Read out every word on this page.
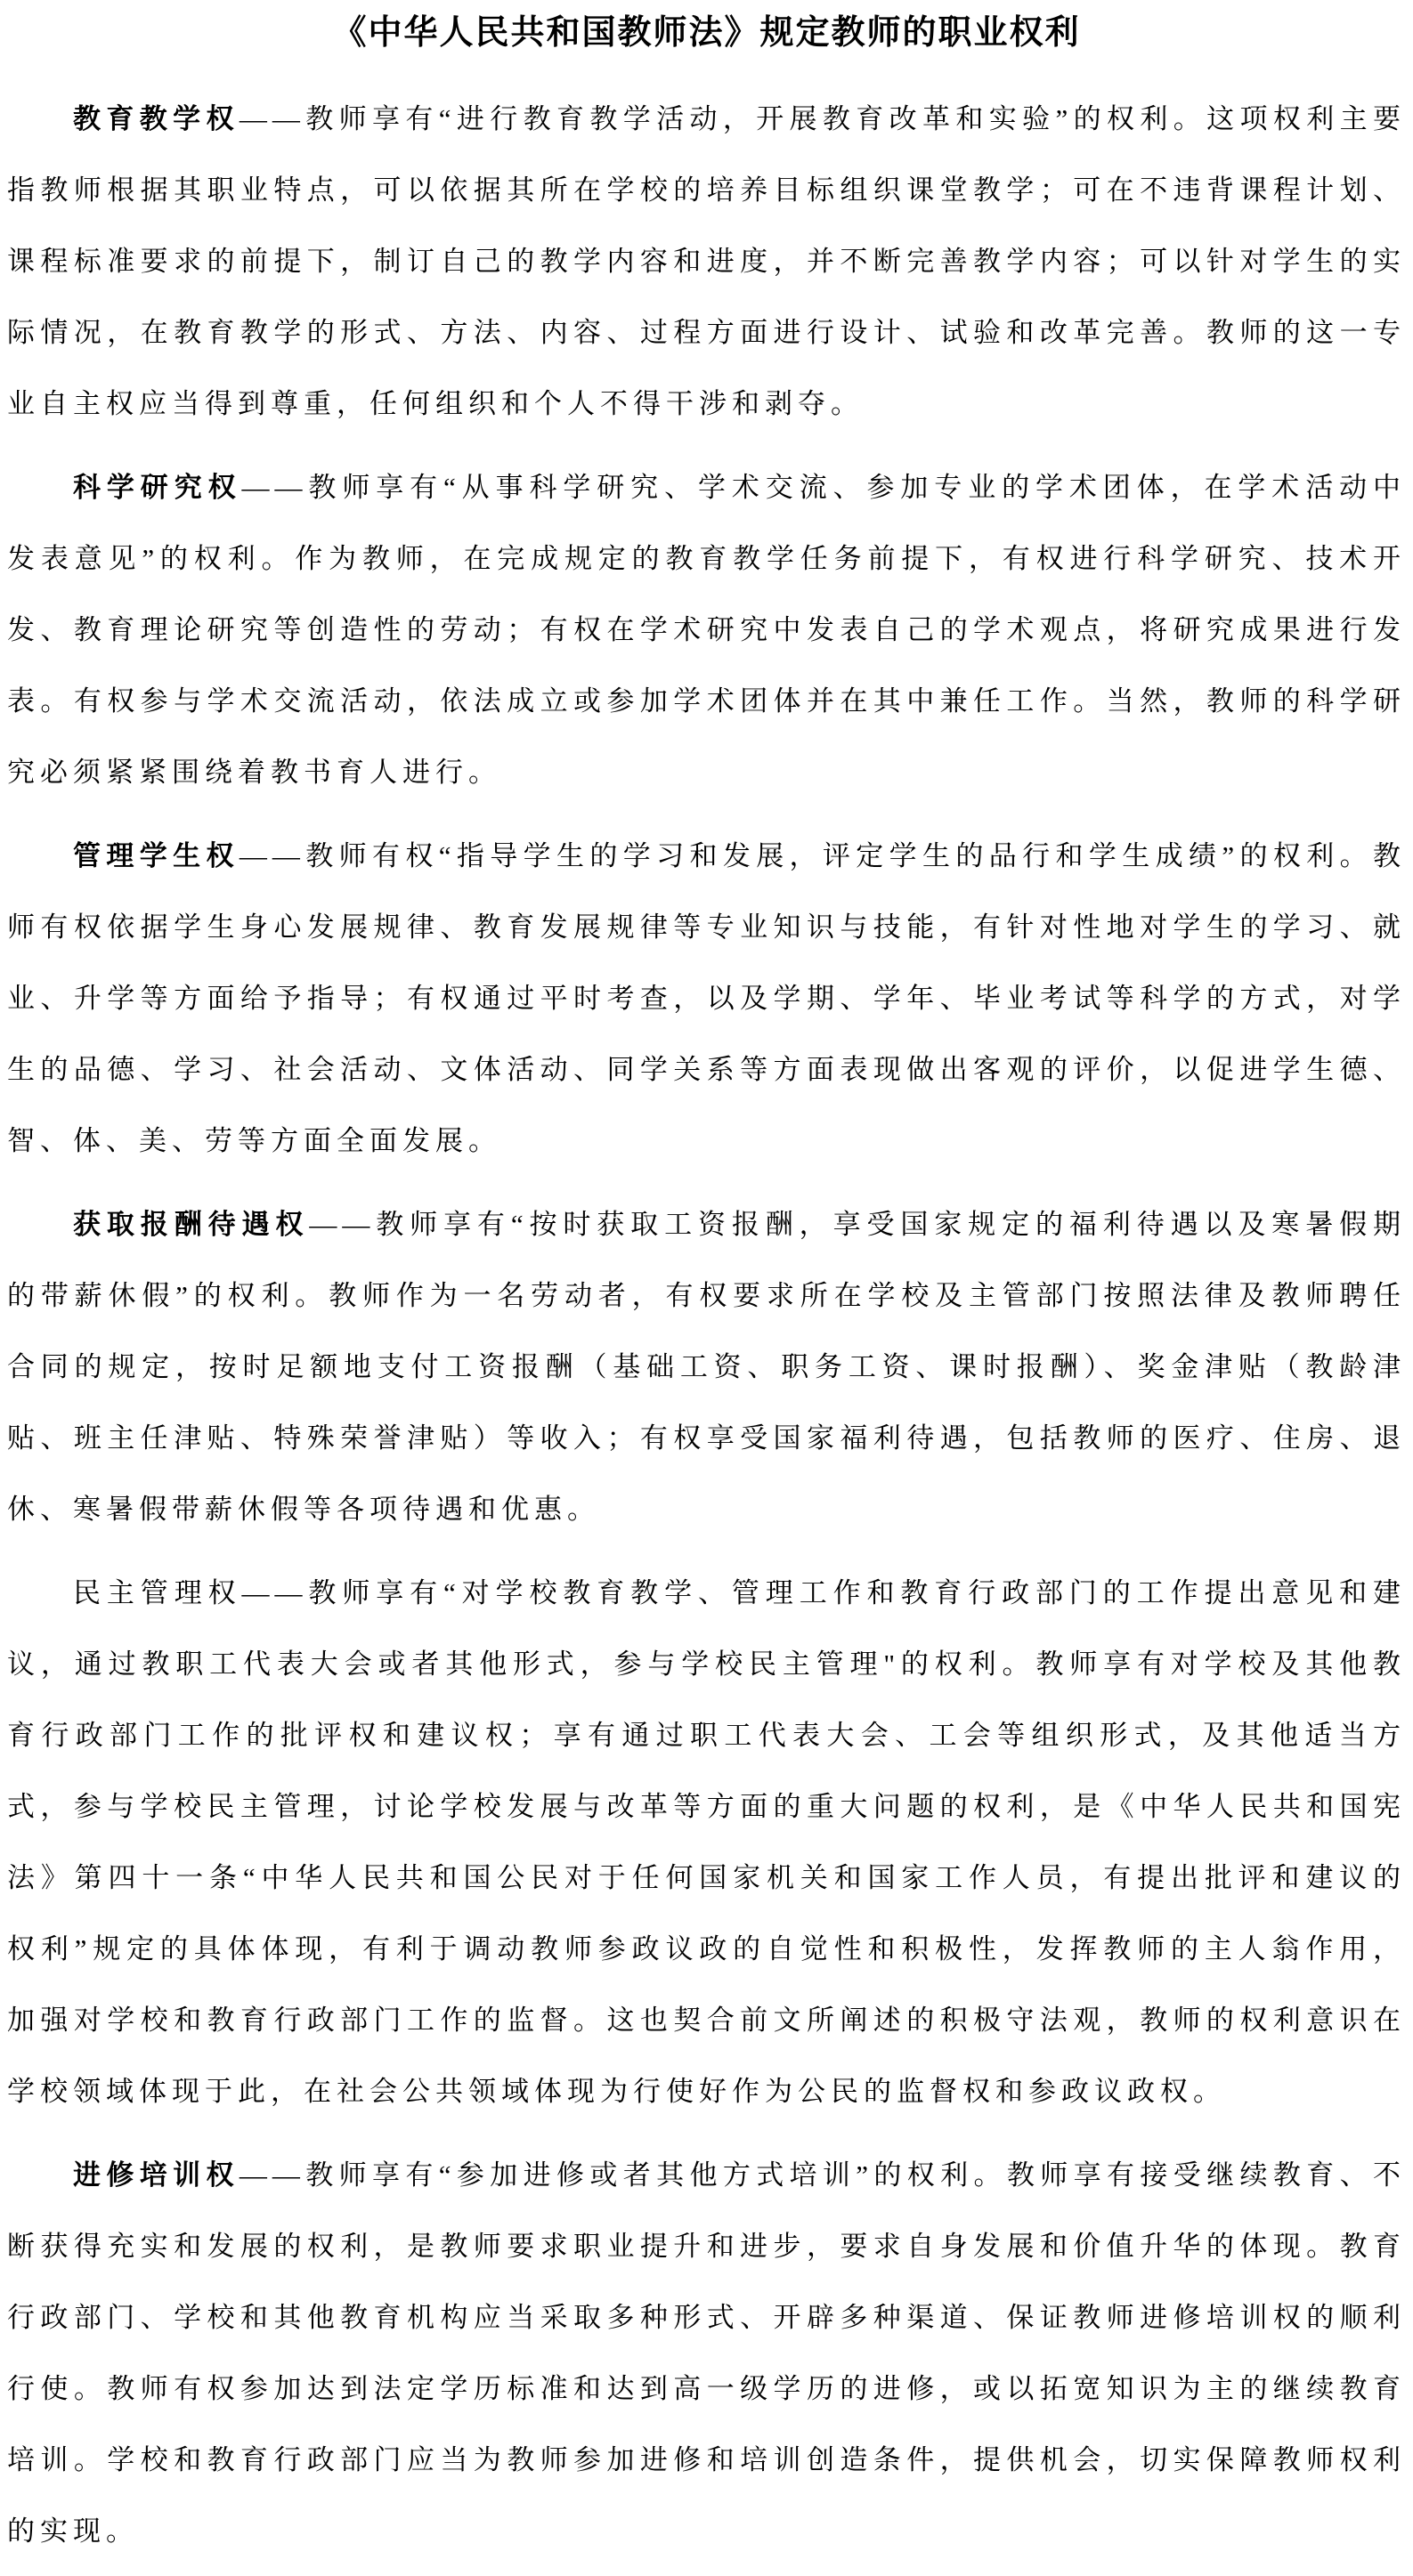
《中华人民共和国教师法》规定教师的职业权利

教育教学权——教师享有“进行教育教学活动，开展教育改革和实验”的权利。这项权利主要指教师根据其职业特点，可以依据其所在学校的培养目标组织课堂教学；可在不违背课程计划、课程标准要求的前提下，制订自己的教学内容和进度，并不断完善教学内容；可以针对学生的实际情况，在教育教学的形式、方法、内容、过程方面进行设计、试验和改革完善。教师的这一专业自主权应当得到尊重，任何组织和个人不得干涉和剥夺。

科学研究权——教师享有“从事科学研究、学术交流、参加专业的学术团体，在学术活动中发表意见”的权利。作为教师，在完成规定的教育教学任务前提下，有权进行科学研究、技术开发、教育理论研究等创造性的劳动；有权在学术研究中发表自己的学术观点，将研究成果进行发表。有权参与学术交流活动，依法成立或参加学术团体并在其中兼任工作。当然，教师的科学研究必须紧紧围绕着教书育人进行。

管理学生权——教师有权“指导学生的学习和发展，评定学生的品行和学生成绩”的权利。教师有权依据学生身心发展规律、教育发展规律等专业知识与技能，有针对性地对学生的学习、就业、升学等方面给予指导；有权通过平时考查，以及学期、学年、毕业考试等科学的方式，对学生的品德、学习、社会活动、文体活动、同学关系等方面表现做出客观的评价，以促进学生德、智、体、美、劳等方面全面发展。

获取报酬待遇权——教师享有“按时获取工资报酬，享受国家规定的福利待遇以及寒暑假期的带薪休假”的权利。教师作为一名劳动者，有权要求所在学校及主管部门按照法律及教师聘任合同的规定，按时足额地支付工资报酬（基础工资、职务工资、课时报酬）、奖金津贴（教龄津贴、班主任津贴、特殊荣誉津贴）等收入；有权享受国家福利待遇，包括教师的医疗、住房、退休、寒暑假带薪休假等各项待遇和优惠。

民主管理权——教师享有“对学校教育教学、管理工作和教育行政部门的工作提出意见和建议，通过教职工代表大会或者其他形式，参与学校民主管理"的权利。教师享有对学校及其他教育行政部门工作的批评权和建议权；享有通过职工代表大会、工会等组织形式，及其他适当方式，参与学校民主管理，讨论学校发展与改革等方面的重大问题的权利，是《中华人民共和国宪法》第四十一条“中华人民共和国公民对于任何国家机关和国家工作人员，有提出批评和建议的权利”规定的具体体现，有利于调动教师参政议政的自觉性和积极性，发挥教师的主人翁作用，加强对学校和教育行政部门工作的监督。这也契合前文所阐述的积极守法观，教师的权利意识在学校领域体现于此，在社会公共领域体现为行使好作为公民的监督权和参政议政权。

进修培训权——教师享有“参加进修或者其他方式培训”的权利。教师享有接受继续教育、不断获得充实和发展的权利，是教师要求职业提升和进步，要求自身发展和价值升华的体现。教育行政部门、学校和其他教育机构应当采取多种形式、开辟多种渠道、保证教师进修培训权的顺利行使。教师有权参加达到法定学历标准和达到高一级学历的进修，或以拓宽知识为主的继续教育培训。学校和教育行政部门应当为教师参加进修和培训创造条件，提供机会，切实保障教师权利的实现。
